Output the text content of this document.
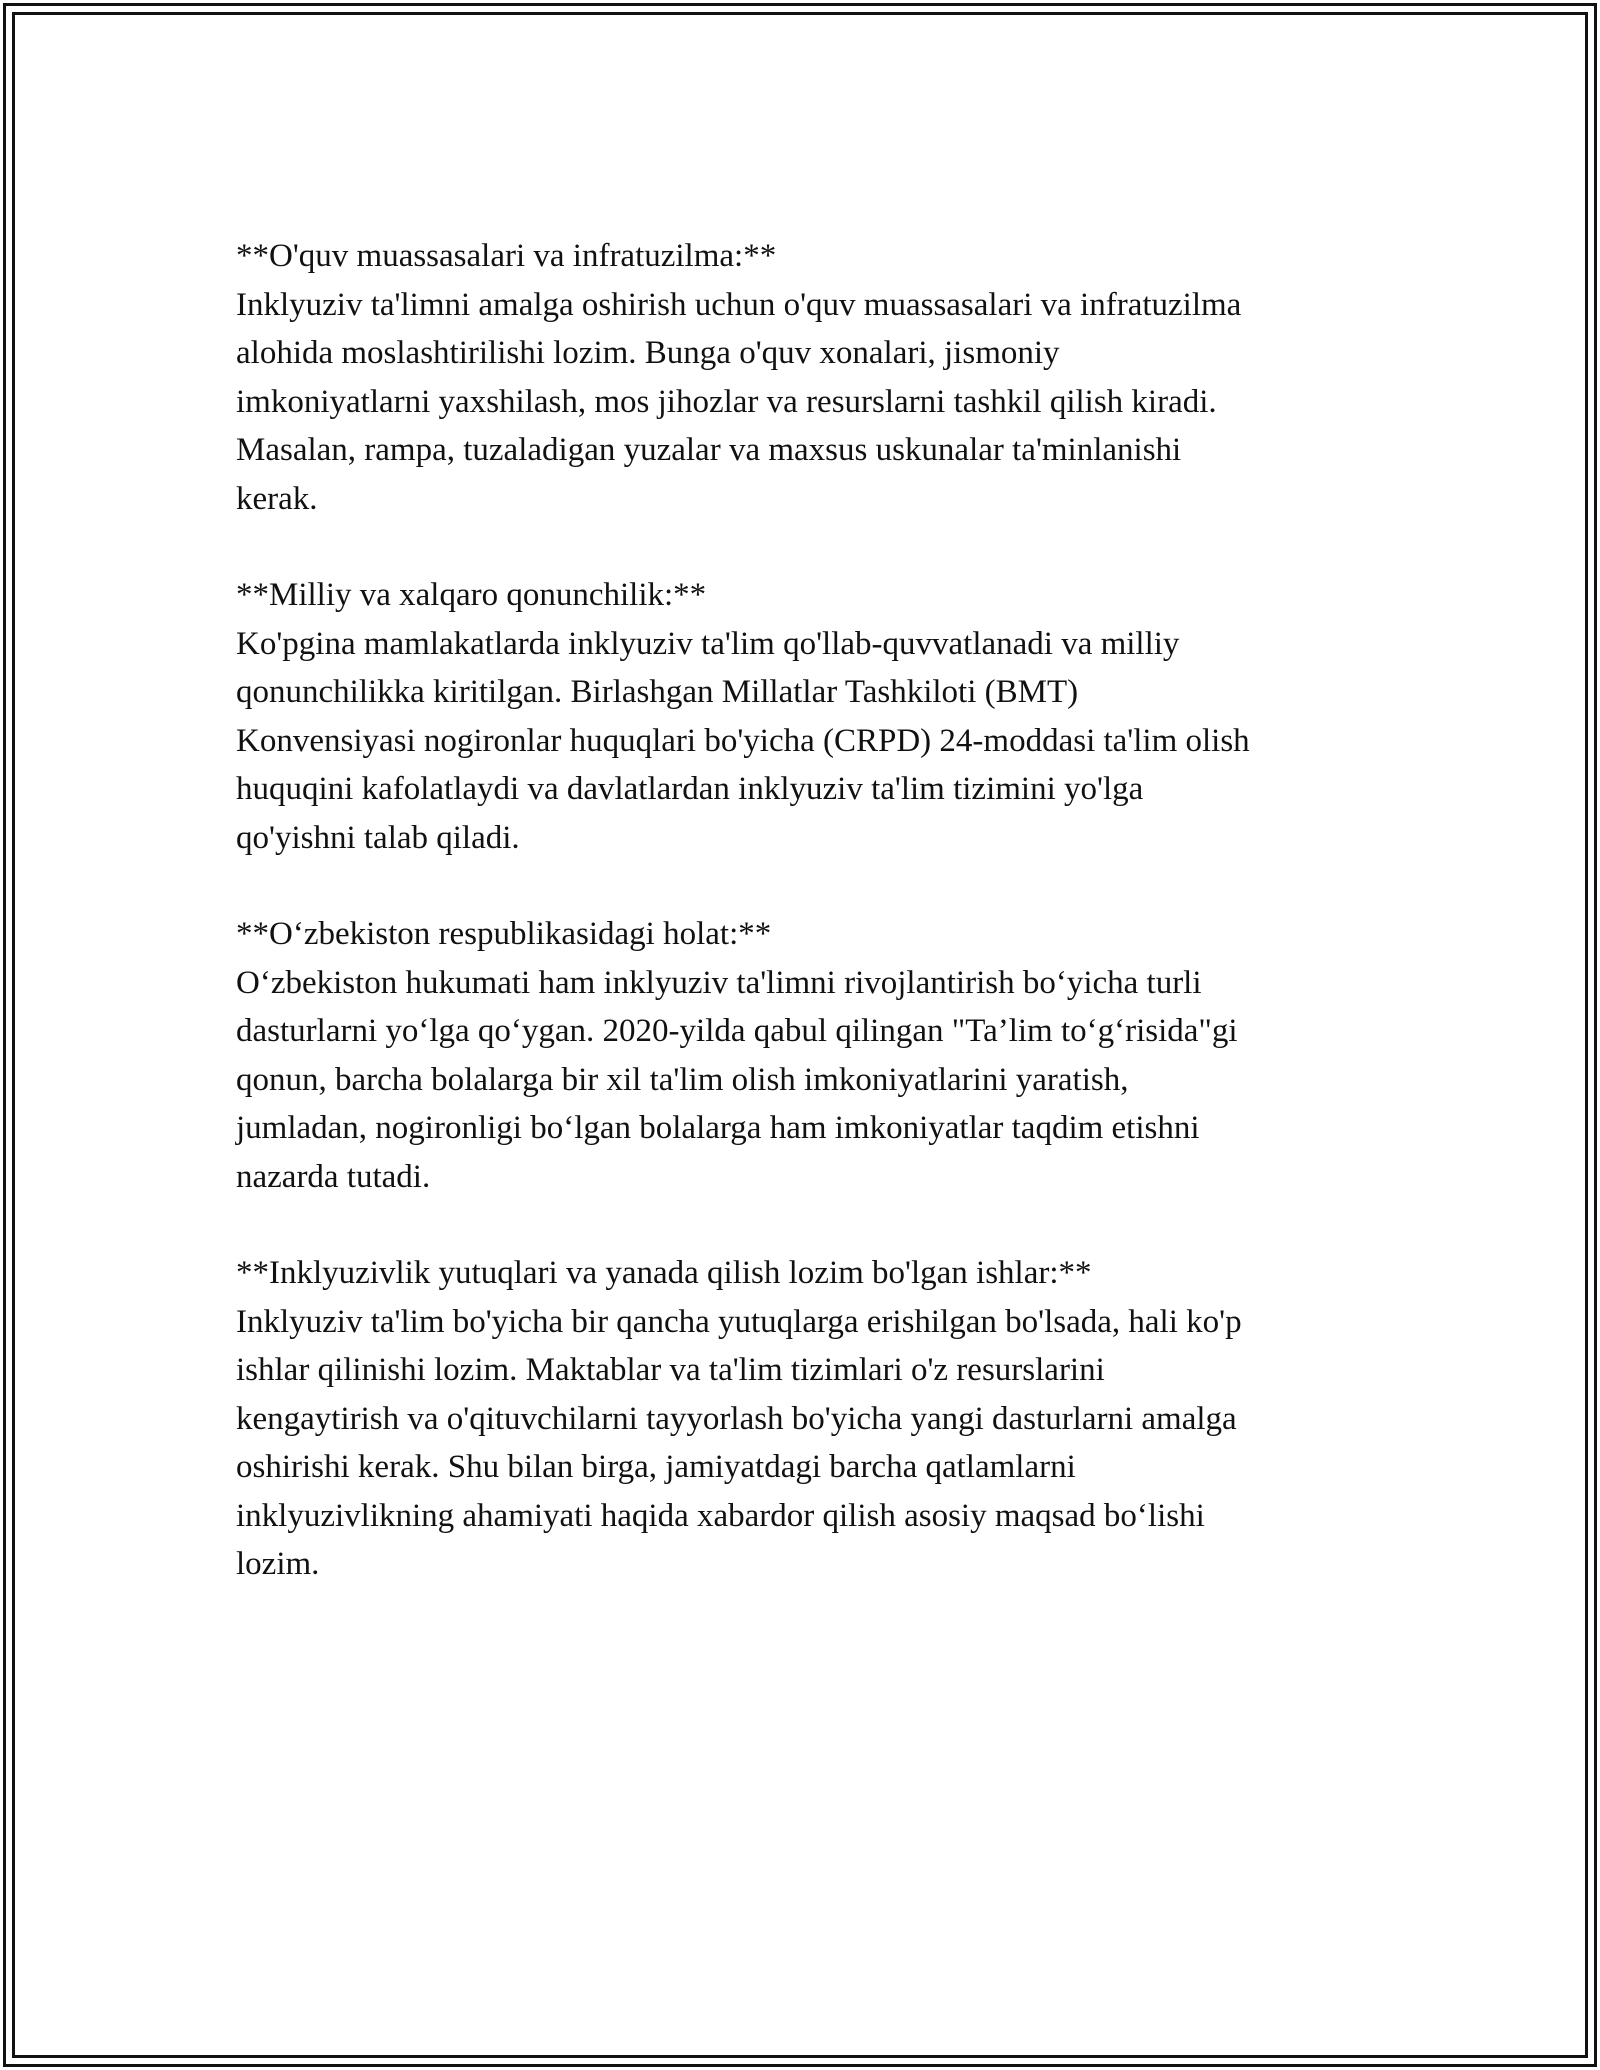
**O'quv muassasalari va infratuzilma:**

Inklyuziv ta'limni amalga oshirish uchun o'quv muassasalari va infratuzilma
alohida moslashtirilishi lozim. Bunga o'quv xonalari, jismoniy
imkoniyatlarni yaxshilash, mos jihozlar va resurslarni tashkil qilish kiradi.
Masalan, rampa, tuzaladigan yuzalar va maxsus uskunalar ta'minlanishi
kerak.

**Milliy va xalqaro qonunchilik:**

Ko'pgina mamlakatlarda inklyuziv ta'lim qo'llab-quvvatlanadi va milliy
qonunchilikka kiritilgan. Birlashgan Millatlar Tashkiloti (BMT)
Konvensiyasi nogironlar huquqlari bo'yicha (CRPD) 24-moddasi ta'lim olish
huquqini kafolatlaydi va davlatlardan inklyuziv ta'lim tizimini yo'lga
qo'yishni talab qiladi.

**O‘zbekiston respublikasidagi holat:**

O‘zbekiston hukumati ham inklyuziv ta'limni rivojlantirish bo‘yicha turli
dasturlarni yo‘lga qo‘ygan. 2020-yilda qabul qilingan "Ta’lim to‘g‘risida"gi
qonun, barcha bolalarga bir xil ta'lim olish imkoniyatlarini yaratish,
jumladan, nogironligi bo‘lgan bolalarga ham imkoniyatlar taqdim etishni
nazarda tutadi.

**Inklyuzivlik yutuqlari va yanada qilish lozim bo'lgan ishlar:**

Inklyuziv ta'lim bo'yicha bir qancha yutuqlarga erishilgan bo'lsada, hali ko'p
ishlar qilinishi lozim. Maktablar va ta'lim tizimlari o'z resurslarini
kengaytirish va o'qituvchilarni tayyorlash bo'yicha yangi dasturlarni amalga
oshirishi kerak. Shu bilan birga, jamiyatdagi barcha qatlamlarni
inklyuzivlikning ahamiyati haqida xabardor qilish asosiy maqsad bo‘lishi
lozim.
